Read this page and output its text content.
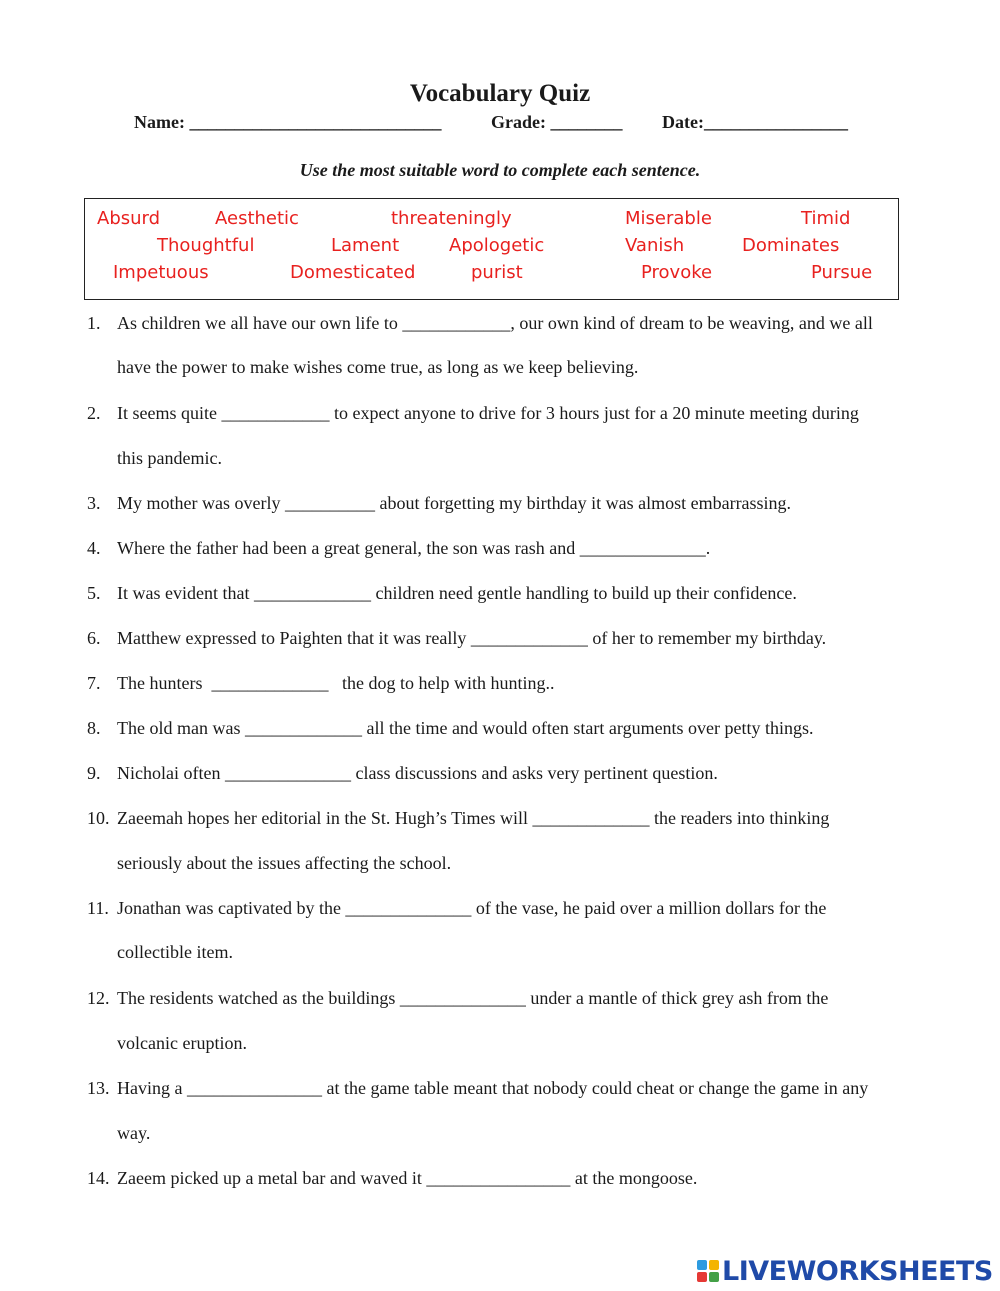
Vocabulary Quiz
Name: ____________________________	Grade: ________ Date:________________
Use the most suitable word to complete each sentence.
Absurd	Aesthetic	threateningly	Miserable	Timid
Thoughtful	Lament	Apologetic	Vanish	Dominates
Impetuous	Domesticated	purist	Provoke	Pursue
1. As children we all have our own life to ____________, our own kind of dream to be weaving, and we all
have the power to make wishes come true, as long as we keep believing.
2. It seems quite ____________ to expect anyone to drive for 3 hours just for a 20 minute meeting during
this pandemic.
3. My mother was overly __________ about forgetting my birthday it was almost embarrassing.
4. Where the father had been a great general, the son was rash and ______________.
5. It was evident that _____________ children need gentle handling to build up their confidence.
6. Matthew expressed to Paighten that it was really _____________ of her to remember my birthday.
7. The hunters  _____________   the dog to help with hunting..
8. The old man was _____________ all the time and would often start arguments over petty things.
9. Nicholai often ______________ class discussions and asks very pertinent question.
10. Zaeemah hopes her editorial in the St. Hugh’s Times will _____________ the readers into thinking
seriously about the issues affecting the school.
11. Jonathan was captivated by the ______________ of the vase, he paid over a million dollars for the
collectible item.
12. The residents watched as the buildings ______________ under a mantle of thick grey ash from the
volcanic eruption.
13. Having a _______________ at the game table meant that nobody could cheat or change the game in any
way.
14. Zaeem picked up a metal bar and waved it ________________ at the mongoose.
LIVEWORKSHEETS
